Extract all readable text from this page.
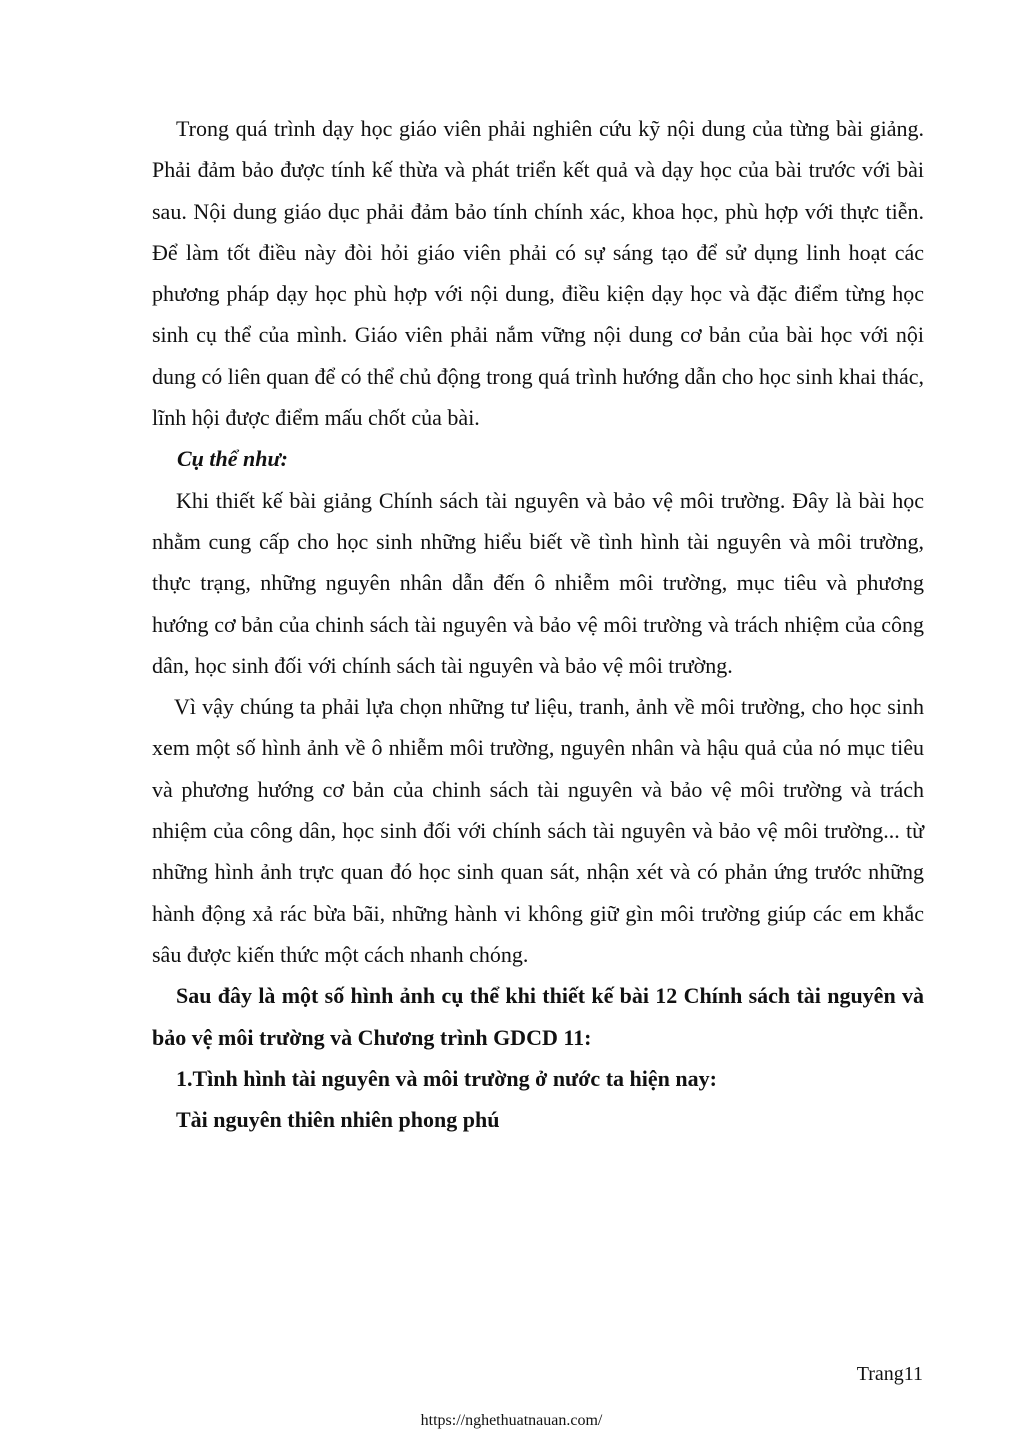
Trong quá trình dạy học giáo viên phải nghiên cứu kỹ nội dung của từng bài giảng. Phải đảm bảo được tính kế thừa và phát triển kết quả và dạy học của bài trước với bài sau. Nội dung giáo dục phải đảm bảo tính chính xác, khoa học, phù hợp với thực tiễn. Để làm tốt điều này đòi hỏi giáo viên phải có sự sáng tạo để sử dụng linh hoạt các phương pháp dạy học phù hợp với nội dung, điều kiện dạy học và đặc điểm từng học sinh cụ thể của mình. Giáo viên phải nắm vững nội dung cơ bản của bài học với nội dung có liên quan để có thể chủ động trong quá trình hướng dẫn cho học sinh khai thác, lĩnh hội được điểm mấu chốt của bài.

Cụ thể như:

Khi thiết kế bài giảng Chính sách tài nguyên và bảo vệ môi trường. Đây là bài học nhằm cung cấp cho học sinh những hiểu biết về tình hình tài nguyên và môi trường, thực trạng, những nguyên nhân dẫn đến ô nhiễm môi trường, mục tiêu và phương hướng cơ bản của chinh sách tài nguyên và bảo vệ môi trường và trách nhiệm của công dân, học sinh đối với chính sách tài nguyên và bảo vệ môi trường.

Vì vậy chúng ta phải lựa chọn những tư liệu, tranh, ảnh về môi trường, cho học sinh xem một số hình ảnh về ô nhiễm môi trường, nguyên nhân và hậu quả của nó mục tiêu và phương hướng cơ bản của chinh sách tài nguyên và bảo vệ môi trường và trách nhiệm của công dân, học sinh đối với chính sách tài nguyên và bảo vệ môi trường... từ những hình ảnh trực quan đó học sinh quan sát, nhận xét và có phản ứng trước những hành động xả rác bừa bãi, những hành vi không giữ gìn môi trường giúp các em khắc sâu được kiến thức một cách nhanh chóng.

Sau đây là một số hình ảnh cụ thể khi thiết kế bài 12 Chính sách tài nguyên và bảo vệ môi trường và Chương trình GDCD 11:

1.Tình hình tài nguyên và môi trường ở nước ta hiện nay:

Tài nguyên thiên nhiên phong phú

Trang11
https://nghethuatnauan.com/
